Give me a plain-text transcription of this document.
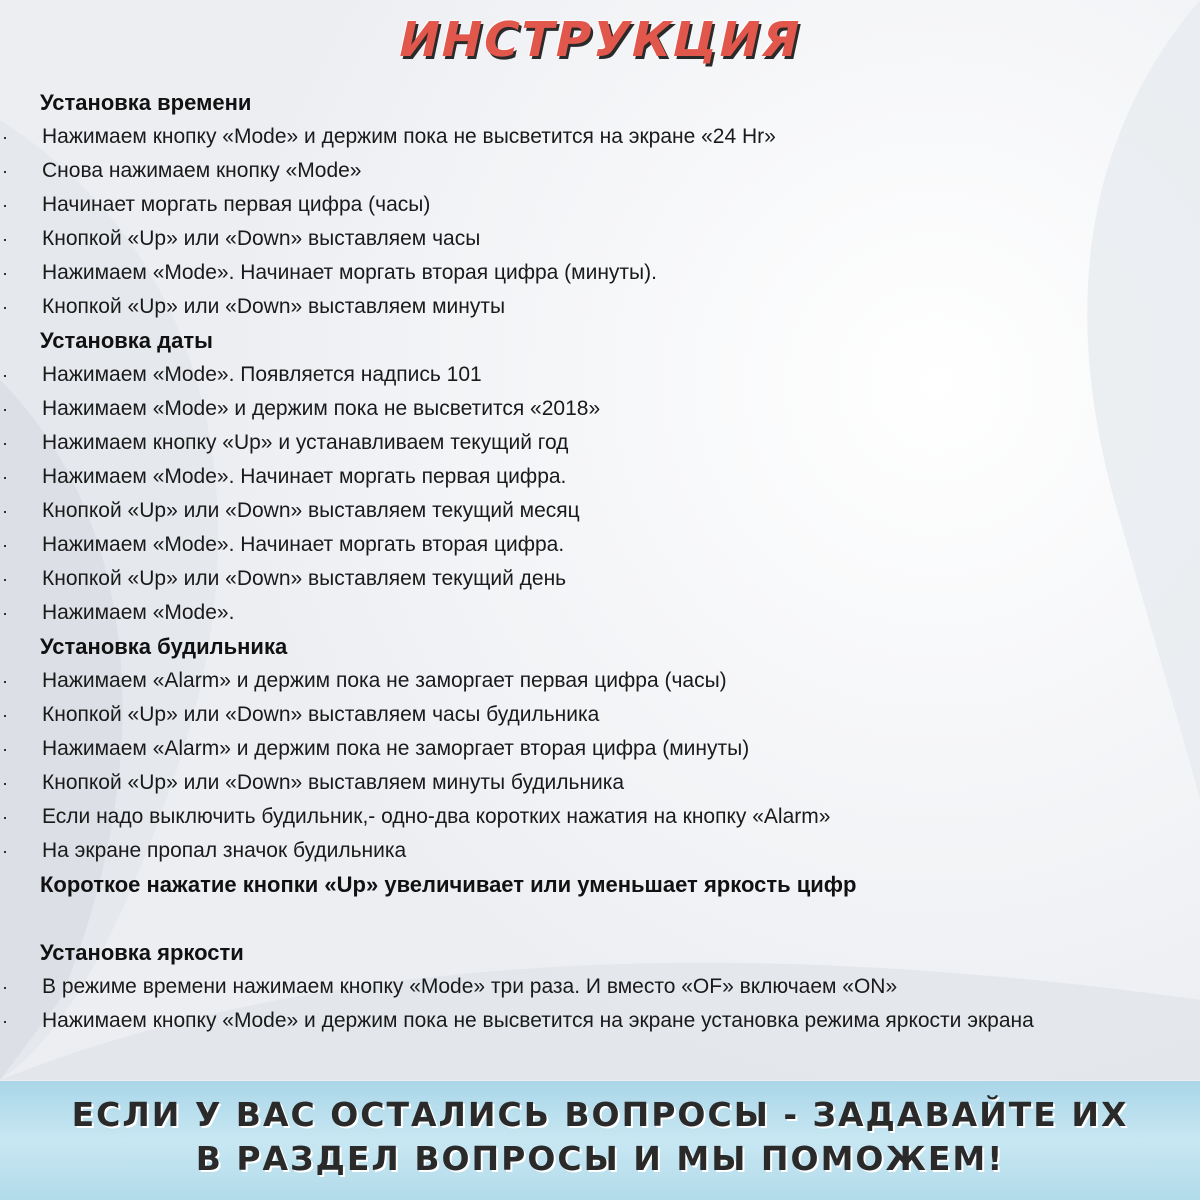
ИНСТРУКЦИЯ
Установка времени
· Нажимаем кнопку «Mode» и держим пока не высветится на экране «24 Hr»
· Снова нажимаем кнопку «Mode»
· Начинает моргать первая цифра (часы)
· Кнопкой «Up» или «Down» выставляем часы
· Нажимаем «Mode». Начинает моргать вторая цифра (минуты).
· Кнопкой «Up» или «Down» выставляем минуты
Установка даты
· Нажимаем «Mode». Появляется надпись 101
· Нажимаем «Mode» и держим пока не высветится «2018»
· Нажимаем кнопку «Up» и устанавливаем текущий год
· Нажимаем «Mode». Начинает моргать первая цифра.
· Кнопкой «Up» или «Down» выставляем текущий месяц
· Нажимаем «Mode». Начинает моргать вторая цифра.
· Кнопкой «Up» или «Down» выставляем текущий день
· Нажимаем «Mode».
Установка будильника
· Нажимаем «Alarm» и держим пока не заморгает первая цифра (часы)
· Кнопкой «Up» или «Down» выставляем часы будильника
· Нажимаем «Alarm» и держим пока не заморгает вторая цифра (минуты)
· Кнопкой «Up» или «Down» выставляем минуты будильника
· Если надо выключить будильник,- одно-два коротких нажатия на кнопку «Alarm»
· На экране пропал значок будильника
Короткое нажатие кнопки «Up» увеличивает или уменьшает яркость цифр
Установка яркости
· В режиме времени нажимаем кнопку «Mode» три раза. И вместо «OF» включаем «ON»
· Нажимаем кнопку «Mode» и держим пока не высветится на экране установка режима яркости экрана
ЕСЛИ У ВАС ОСТАЛИСЬ ВОПРОСЫ - ЗАДАВАЙТЕ ИХ
В РАЗДЕЛ ВОПРОСЫ И МЫ ПОМОЖЕМ!
